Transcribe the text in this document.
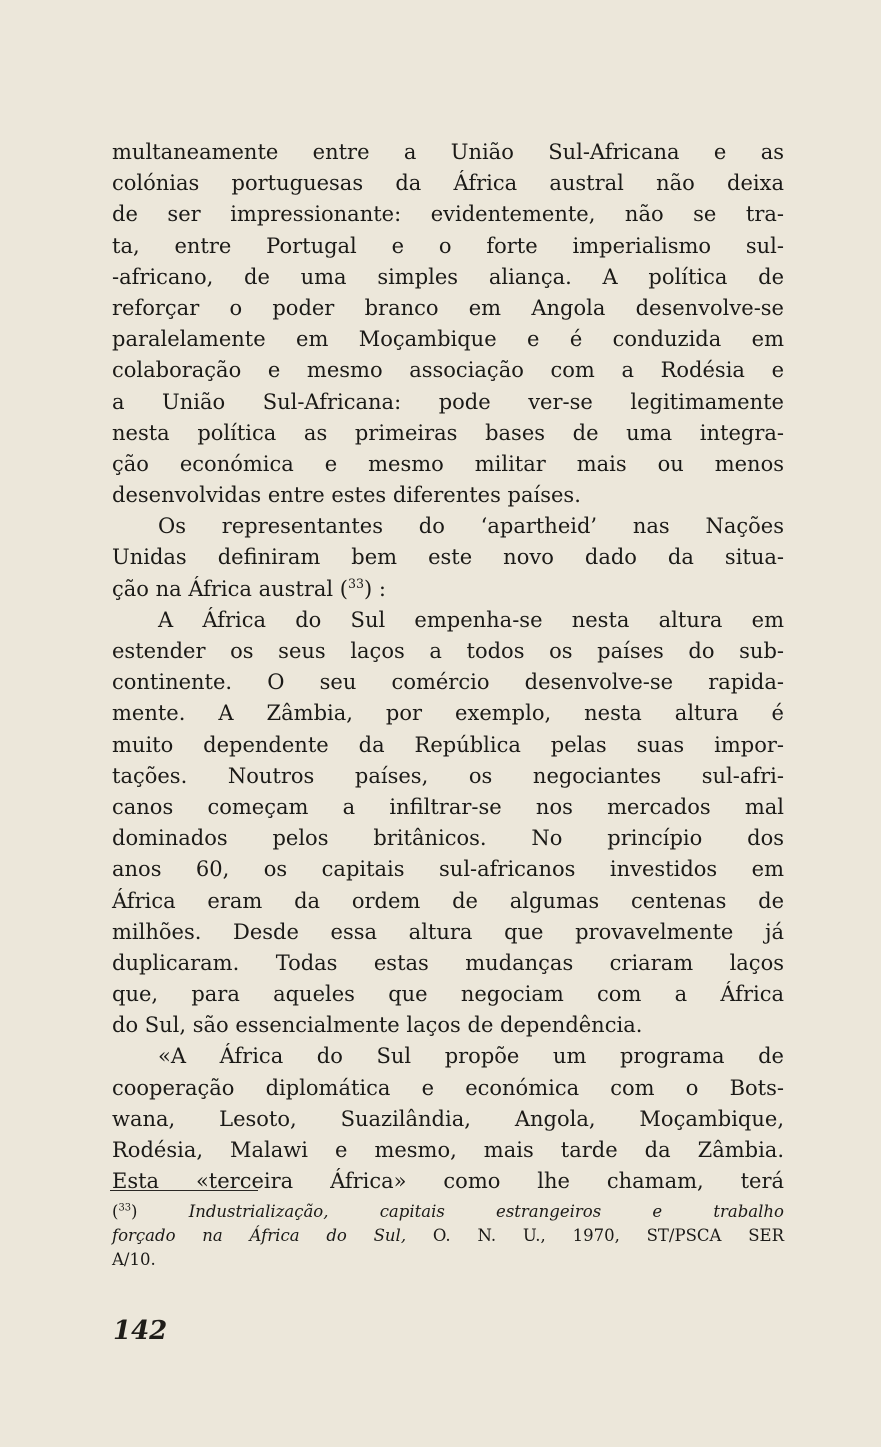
multaneamente entre a União Sul-Africana e as
colónias portuguesas da África austral não deixa
de ser impressionante: evidentemente, não se tra-
ta, entre Portugal e o forte imperialismo sul-
-africano, de uma simples aliança. A política de
reforçar o poder branco em Angola desenvolve-se
paralelamente em Moçambique e é conduzida em
colaboração e mesmo associação com a Rodésia e
a União Sul-Africana: pode ver-se legitimamente
nesta política as primeiras bases de uma integra-
ção económica e mesmo militar mais ou menos
desenvolvidas entre estes diferentes países.
Os representantes do ‘apartheid’ nas Nações
Unidas definiram bem este novo dado da situa-
ção na África austral ($^{33}$) :
A África do Sul empenha-se nesta altura em
estender os seus laços a todos os países do sub-
continente. O seu comércio desenvolve-se rapida-
mente. A Zâmbia, por exemplo, nesta altura é
muito dependente da República pelas suas impor-
tações. Noutros países, os negociantes sul-afri-
canos começam a infiltrar-se nos mercados mal
dominados pelos britânicos. No princípio dos
anos 60, os capitais sul-africanos investidos em
África eram da ordem de algumas centenas de
milhões. Desde essa altura que provavelmente já
duplicaram. Todas estas mudanças criaram laços
que, para aqueles que negociam com a África
do Sul, são essencialmente laços de dependência.
«A África do Sul propõe um programa de
cooperação diplomática e económica com o Bots-
wana, Lesoto, Suazilândia, Angola, Moçambique,
Rodésia, Malawi e mesmo, mais tarde da Zâmbia.
Esta «terceira África» como lhe chamam, terá
($^{33}$)	Industrialização, capitais estrangeiros e trabalho
forçado na África do Sul, O. N. U., 1970, ST/PSCA SER
A/10.
142
